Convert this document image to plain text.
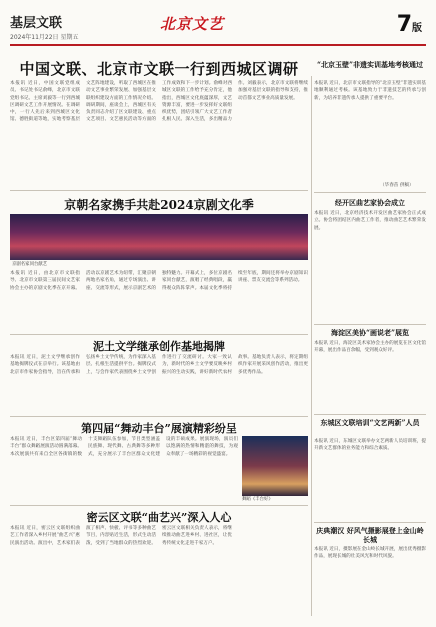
基层文联
2024年11月22日 星期五
北京文艺	7版
中国文联、北京市文联一行到西城区调研
本报讯 近日，中国文联党组成员、书记处书记俞峰，北京市文联党组书记、主席刘毅等一行到西城区调研文艺工作开展情况。在调研中，一行人先后来到西城区文化馆、德胜街道等地，实地考察基层文艺阵地建设，听取了西城区在推动文艺事业繁荣发展、加强基层文联组织建设方面的工作情况介绍。调研期间，座谈会上，西城区有关负责同志介绍了区文联建设、重点文艺项目、文艺惠民活动等方面的工作成效和下一步计划。俞峰对西城区文联的工作给予充分肯定，他指出，西城区文化底蕴深厚，文艺资源丰富，要进一步发挥好文联组织优势，团结引领广大文艺工作者扎根人民、深入生活，多出精品力作。刘毅表示，北京市文联将继续加强对基层文联的指导和支持，推动首都文艺事业高质量发展。
京朝名家携手共赴2024京剧文化季
京剧名家同台献艺
本报讯 近日，由北京市文联指导、北京市文联第三届民间文艺家协会主办的京剧文化季在京开幕。活动以京剧艺术为纽带，汇聚京朝两地名家名角，通过专场演出、讲座、交流等形式，展示京剧艺术的独特魅力。开幕式上，多位京剧名家同台献艺，演唱了经典唱段，赢得观众阵阵掌声。本届文化季将持续至年底，期间还将举办京剧知识讲座、票友交流会等系列活动。
泥土文学继承创作基地揭牌
本报讯 近日，泥土文学继承创作基地揭牌仪式在京举行。该基地由北京市作家协会指导，旨在传承和弘扬乡土文学传统，为作家深入基层、扎根生活提供平台。揭牌仪式上，与会作家代表围绕乡土文学创作进行了交流研讨。大家一致认为，新时代的乡土文学要反映乡村振兴的生动实践，讲好新时代农村故事。基地负责人表示，将定期组织作家开展采风创作活动，推出更多优秀作品。
第四届“舞动丰台”展演精彩纷呈
本报讯 近日，丰台区第四届“舞动丰台”群众舞蹈展演活动圆满落幕。本次展演共有来自全区各街镇的数十支舞蹈队伍参加，节目类型涵盖民族舞、现代舞、古典舞等多种形式，充分展示了丰台区群众文化建设的丰硕成果。展演现场，演员们以饱满的热情和精湛的舞技，为观众奉献了一场精彩的视觉盛宴。
舞蹈《丰台好》
密云区文联“曲艺兴”深入人心
本报讯 近日，密云区文联组织曲艺工作者深入乡村开展“曲艺兴”惠民演出活动。演出中，艺术家们表演了相声、快板、评书等多种曲艺节目，内容贴近生活，形式生动活泼，受到了当地群众的热烈欢迎。密云区文联相关负责人表示，将继续推动曲艺进乡村、进社区，让优秀传统文化走进千家万户。
“北京玉壁”非遗实训基地考核通过
本报讯 近日，北京市文联指导的“北京玉壁”非遗实训基地顺利通过考核。该基地致力于非遗技艺的传承与创新，为培养非遗传承人提供了重要平台。
（毕春苗 供稿）
经开区曲艺家协会成立
本报讯 近日，北京经济技术开发区曲艺家协会正式成立。协会将团结区内曲艺工作者，推动曲艺艺术繁荣发展。
海淀区美协“画说老”展览
本报讯 近日，海淀区美术家协会主办的展览在区文化馆开幕，展出作品百余幅，受到观众好评。
东城区文联培训“文艺两新”人员
本报讯 近日，东城区文联举办文艺两新人员培训班，提升新文艺群体的业务能力和综合素质。
庆典潮汉 好风气摄影展登上金山岭长城
本报讯 近日，摄影展在金山岭长城开展，展出优秀摄影作品，展现长城的壮美风光和时代风貌。
